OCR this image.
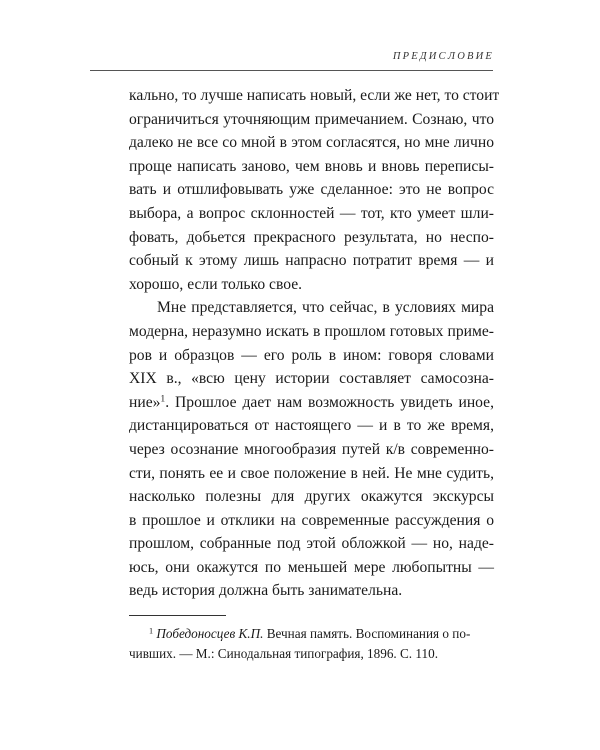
ПРЕДИСЛОВИЕ
кально, то лучше написать новый, если же нет, то стоит
ограничиться уточняющим примечанием. Сознаю, что
далеко не все со мной в этом согласятся, но мне лично
проще написать заново, чем вновь и вновь переписы-
вать и отшлифовывать уже сделанное: это не вопрос
выбора, а вопрос склонностей — тот, кто умеет шли-
фовать, добьется прекрасного результата, но неспо-
собный к этому лишь напрасно потратит время — и
хорошо, если только свое.
Мне представляется, что сейчас, в условиях мира
модерна, неразумно искать в прошлом готовых приме-
ров и образцов — его роль в ином: говоря словами
XIX в., «всю цену истории составляет самосозна-
ние»$^1$. Прошлое дает нам возможность увидеть иное,
дистанцироваться от настоящего — и в то же время,
через осознание многообразия путей к/в современно-
сти, понять ее и свое положение в ней. Не мне судить,
насколько полезны для других окажутся экскурсы
в прошлое и отклики на современные рассуждения о
прошлом, собранные под этой обложкой — но, наде-
юсь, они окажутся по меньшей мере любопытны —
ведь история должна быть занимательна.
$^1$ Победоносцев К.П. Вечная память. Воспоминания о по-
чивших. — М.: Синодальная типография, 1896. С. 110.
